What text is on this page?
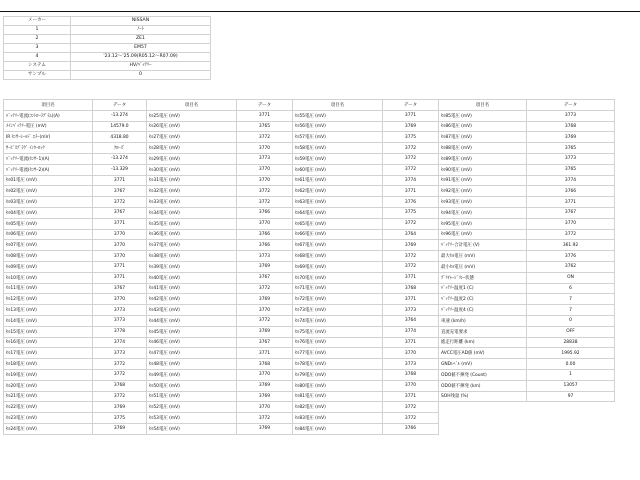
メーカー	NISSAN
1	ﾉｰﾄ
2	ZE1
3	EM57
4	'23.12〜'25.09(R05.12〜R07.09)
システム	HV/ﾊﾞｯﾃﾘｰ
サンプル	0
項目名	データ
ﾊﾞｯﾃﾘｰ電流(ｺﾝﾄﾛｰﾗﾌﾟﾗﾑ)(A)	-13.274
ﾒｲﾝﾊﾞｯﾃﾘｰ電圧 (mV)	14579.0
IR ｾﾝｻｰｼｰﾙﾄﾞ ｴﾗｰ(mV)	4318.80
ｻｰﾋﾞｽﾌﾟﾗｸﾞ ｲﾝﾀｰﾛｯｸ	ｸﾛｰｽﾞ
ﾊﾞｯﾃﾘｰ電流(ｾﾝｻｰ1)(A)	-13.274
ﾊﾞｯﾃﾘｰ電流(ｾﾝｻｰ2)(A)	-13.329
ｾﾙ01電圧 (mV)	3771
ｾﾙ02電圧 (mV)	3767
ｾﾙ03電圧 (mV)	3772
ｾﾙ04電圧 (mV)	3767
ｾﾙ05電圧 (mV)	3771
ｾﾙ06電圧 (mV)	3770
ｾﾙ07電圧 (mV)	3770
ｾﾙ08電圧 (mV)	3770
ｾﾙ09電圧 (mV)	3771
ｾﾙ10電圧 (mV)	3771
ｾﾙ11電圧 (mV)	3767
ｾﾙ12電圧 (mV)	3770
ｾﾙ13電圧 (mV)	3773
ｾﾙ14電圧 (mV)	3773
ｾﾙ15電圧 (mV)	3778
ｾﾙ16電圧 (mV)	3774
ｾﾙ17電圧 (mV)	3773
ｾﾙ18電圧 (mV)	3772
ｾﾙ19電圧 (mV)	3772
ｾﾙ20電圧 (mV)	3768
ｾﾙ21電圧 (mV)	3772
ｾﾙ22電圧 (mV)	3769
ｾﾙ23電圧 (mV)	3775
ｾﾙ24電圧 (mV)	3769
項目名	データ
ｾﾙ25電圧 (mV)	3771
ｾﾙ26電圧 (mV)	3765
ｾﾙ27電圧 (mV)	3772
ｾﾙ28電圧 (mV)	3770
ｾﾙ29電圧 (mV)	3773
ｾﾙ30電圧 (mV)	3770
ｾﾙ31電圧 (mV)	3770
ｾﾙ32電圧 (mV)	3772
ｾﾙ33電圧 (mV)	3772
ｾﾙ34電圧 (mV)	3766
ｾﾙ35電圧 (mV)	3770
ｾﾙ36電圧 (mV)	3766
ｾﾙ37電圧 (mV)	3766
ｾﾙ38電圧 (mV)	3773
ｾﾙ39電圧 (mV)	3769
ｾﾙ40電圧 (mV)	3767
ｾﾙ41電圧 (mV)	3772
ｾﾙ42電圧 (mV)	3769
ｾﾙ43電圧 (mV)	3770
ｾﾙ44電圧 (mV)	3772
ｾﾙ45電圧 (mV)	3769
ｾﾙ46電圧 (mV)	3767
ｾﾙ47電圧 (mV)	3771
ｾﾙ48電圧 (mV)	3768
ｾﾙ49電圧 (mV)	3770
ｾﾙ50電圧 (mV)	3769
ｾﾙ51電圧 (mV)	3769
ｾﾙ52電圧 (mV)	3770
ｾﾙ53電圧 (mV)	3772
ｾﾙ54電圧 (mV)	3769
項目名	データ
ｾﾙ55電圧 (mV)	3771
ｾﾙ56電圧 (mV)	3769
ｾﾙ57電圧 (mV)	3775
ｾﾙ58電圧 (mV)	3772
ｾﾙ59電圧 (mV)	3772
ｾﾙ60電圧 (mV)	3772
ｾﾙ61電圧 (mV)	3774
ｾﾙ62電圧 (mV)	3771
ｾﾙ63電圧 (mV)	3776
ｾﾙ64電圧 (mV)	3775
ｾﾙ65電圧 (mV)	3772
ｾﾙ66電圧 (mV)	3764
ｾﾙ67電圧 (mV)	3769
ｾﾙ68電圧 (mV)	3772
ｾﾙ69電圧 (mV)	3772
ｾﾙ70電圧 (mV)	3771
ｾﾙ71電圧 (mV)	3768
ｾﾙ72電圧 (mV)	3771
ｾﾙ73電圧 (mV)	3773
ｾﾙ74電圧 (mV)	3764
ｾﾙ75電圧 (mV)	3774
ｾﾙ76電圧 (mV)	3771
ｾﾙ77電圧 (mV)	3770
ｾﾙ78電圧 (mV)	3773
ｾﾙ79電圧 (mV)	3768
ｾﾙ80電圧 (mV)	3770
ｾﾙ81電圧 (mV)	3771
ｾﾙ82電圧 (mV)	3772
ｾﾙ83電圧 (mV)	3772
ｾﾙ84電圧 (mV)	3766
項目名	データ
ｾﾙ85電圧 (mV)	3773
ｾﾙ86電圧 (mV)	3768
ｾﾙ87電圧 (mV)	3769
ｾﾙ88電圧 (mV)	3765
ｾﾙ89電圧 (mV)	3773
ｾﾙ90電圧 (mV)	3765
ｾﾙ91電圧 (mV)	3774
ｾﾙ92電圧 (mV)	3766
ｾﾙ93電圧 (mV)	3771
ｾﾙ94電圧 (mV)	3767
ｾﾙ95電圧 (mV)	3770
ｾﾙ96電圧 (mV)	3772
ﾊﾞｯﾃﾘｰ合計電圧 (V)	361.92
最大ｾﾙ電圧 (mV)	3776
最小ｾﾙ電圧 (mV)	3762
ﾌﾟﾘﾁｬｰｼﾞﾘﾚｰ状態	ON
ﾊﾞｯﾃﾘｰ温度1 (C)	6
ﾊﾞｯﾃﾘｰ温度2 (C)	7
ﾊﾞｯﾃﾘｰ温度4 (C)	7
車速 (km/h)	0
直流充電要求	OFF
総走行距離 (km)	28838
AVCC電圧AD値 (mV)	1995.92
GNDﾚﾍﾞﾙ (mV)	0.00
ODO値不揮発 (Count)	1
ODO値不揮発 (km)	13057
SOH残量 (%)	97
